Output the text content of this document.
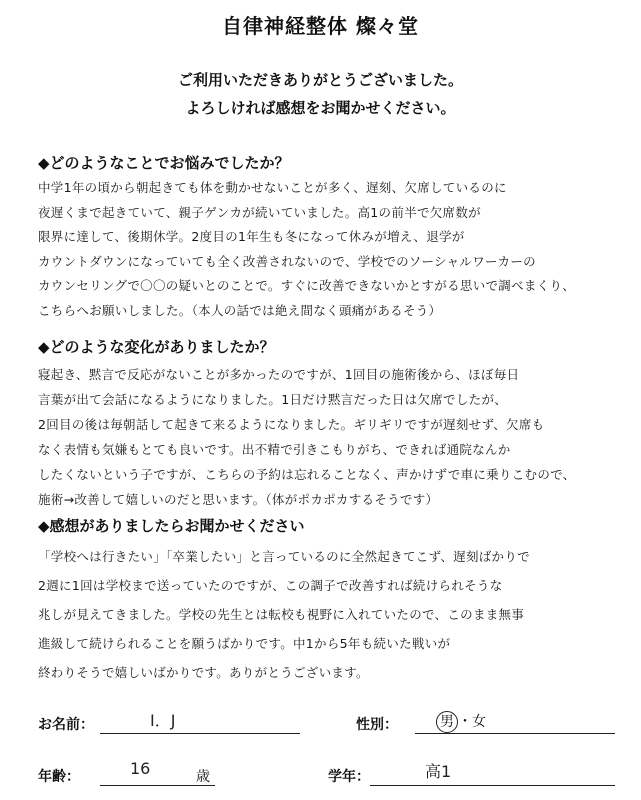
自律神経整体 燦々堂
ご利用いただきありがとうございました。
よろしければ感想をお聞かせください。
◆どのようなことでお悩みでしたか？
中学1年の頃から朝起きても体を動かせないことが多く、遅刻、欠席しているのに
夜遅くまで起きていて、親子ゲンカが続いていました。高1の前半で欠席数が
限界に達して、後期休学。2度目の1年生も冬になって休みが増え、退学が
カウントダウンになっていても全く改善されないので、学校でのソーシャルワーカーの
カウンセリングで〇〇の疑いとのことで。すぐに改善できないかとすがる思いで調べまくり、
こちらへお願いしました。（本人の話では絶え間なく頭痛があるそう）
◆どのような変化がありましたか？
寝起き、黙言で反応がないことが多かったのですが、1回目の施術後から、ほぼ毎日
言葉が出て会話になるようになりました。1日だけ黙言だった日は欠席でしたが、
2回目の後は毎朝話して起きて来るようになりました。ギリギリですが遅刻せず、欠席も
なく表情も気嫌もとても良いです。出不精で引きこもりがち、できれば通院なんか
したくないという子ですが、こちらの予約は忘れることなく、声かけずで車に乗りこむので、
施術→改善して嬉しいのだと思います。（体がポカポカするそうです）
◆感想がありましたらお聞かせください
「学校へは行きたい」「卒業したい」と言っているのに全然起きてこず、遅刻ばかりで
2週に1回は学校まで送っていたのですが、この調子で改善すれば続けられそうな
兆しが見えてきました。学校の先生とは転校も視野に入れていたので、このまま無事
進級して続けられることを願うばかりです。中1から5年も続いた戦いが
終わりそうで嬉しいばかりです。ありがとうございます。
お名前：	I．J	性別：	男 ・女
年齢：	16	歳	学年：	高1
